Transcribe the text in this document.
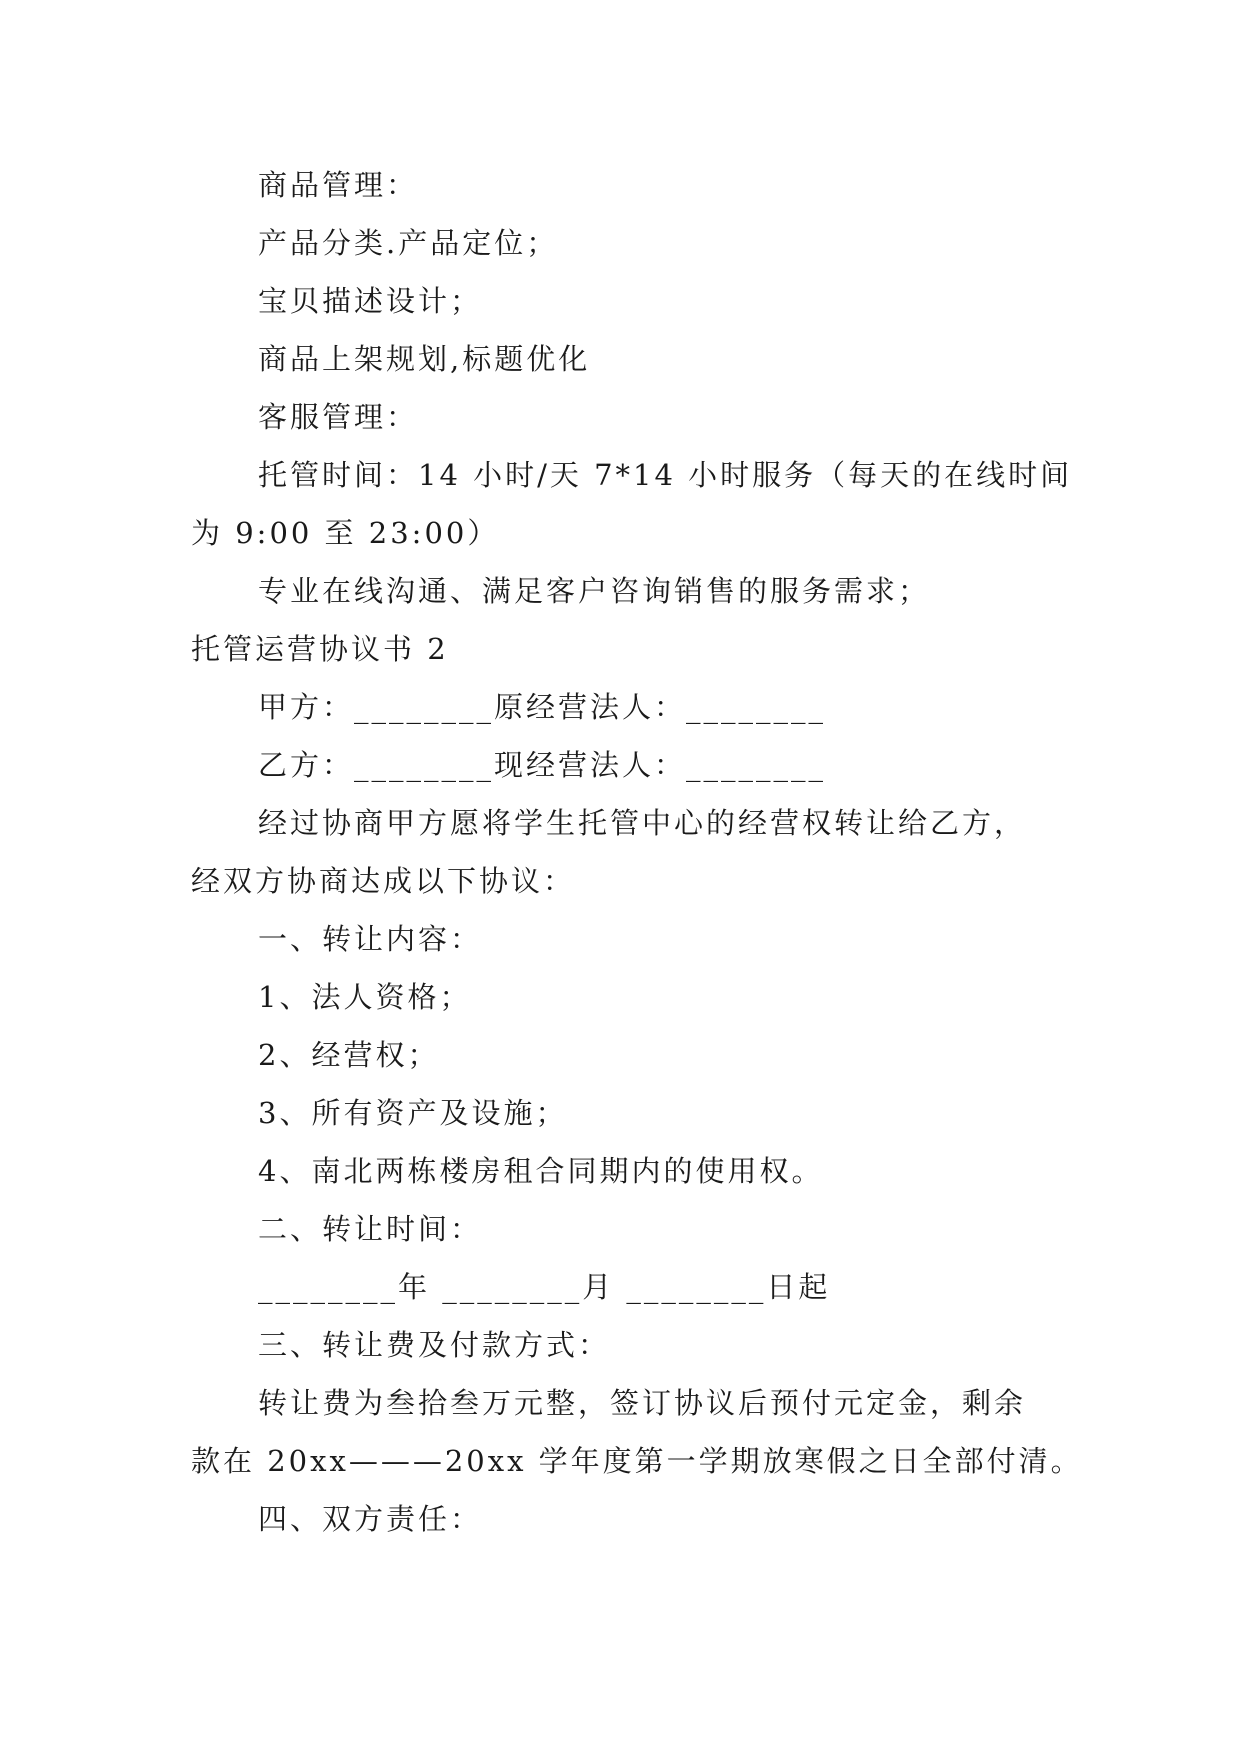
商品管理：
产品分类.产品定位；
宝贝描述设计；
商品上架规划,标题优化
客服管理：
托管时间：14 小时/天 7*14 小时服务（每天的在线时间
为 9:00 至 23:00）
专业在线沟通、满足客户咨询销售的服务需求；
托管运营协议书 2
甲方：________原经营法人：________
乙方：________现经营法人：________
经过协商甲方愿将学生托管中心的经营权转让给乙方，
经双方协商达成以下协议：
一、转让内容：
1、法人资格；
2、经营权；
3、所有资产及设施；
4、南北两栋楼房租合同期内的使用权。
二、转让时间：
________年 ________月 ________日起
三、转让费及付款方式：
转让费为叁拾叁万元整，签订协议后预付元定金，剩余
款在 20xx———20xx 学年度第一学期放寒假之日全部付清。
四、双方责任：
